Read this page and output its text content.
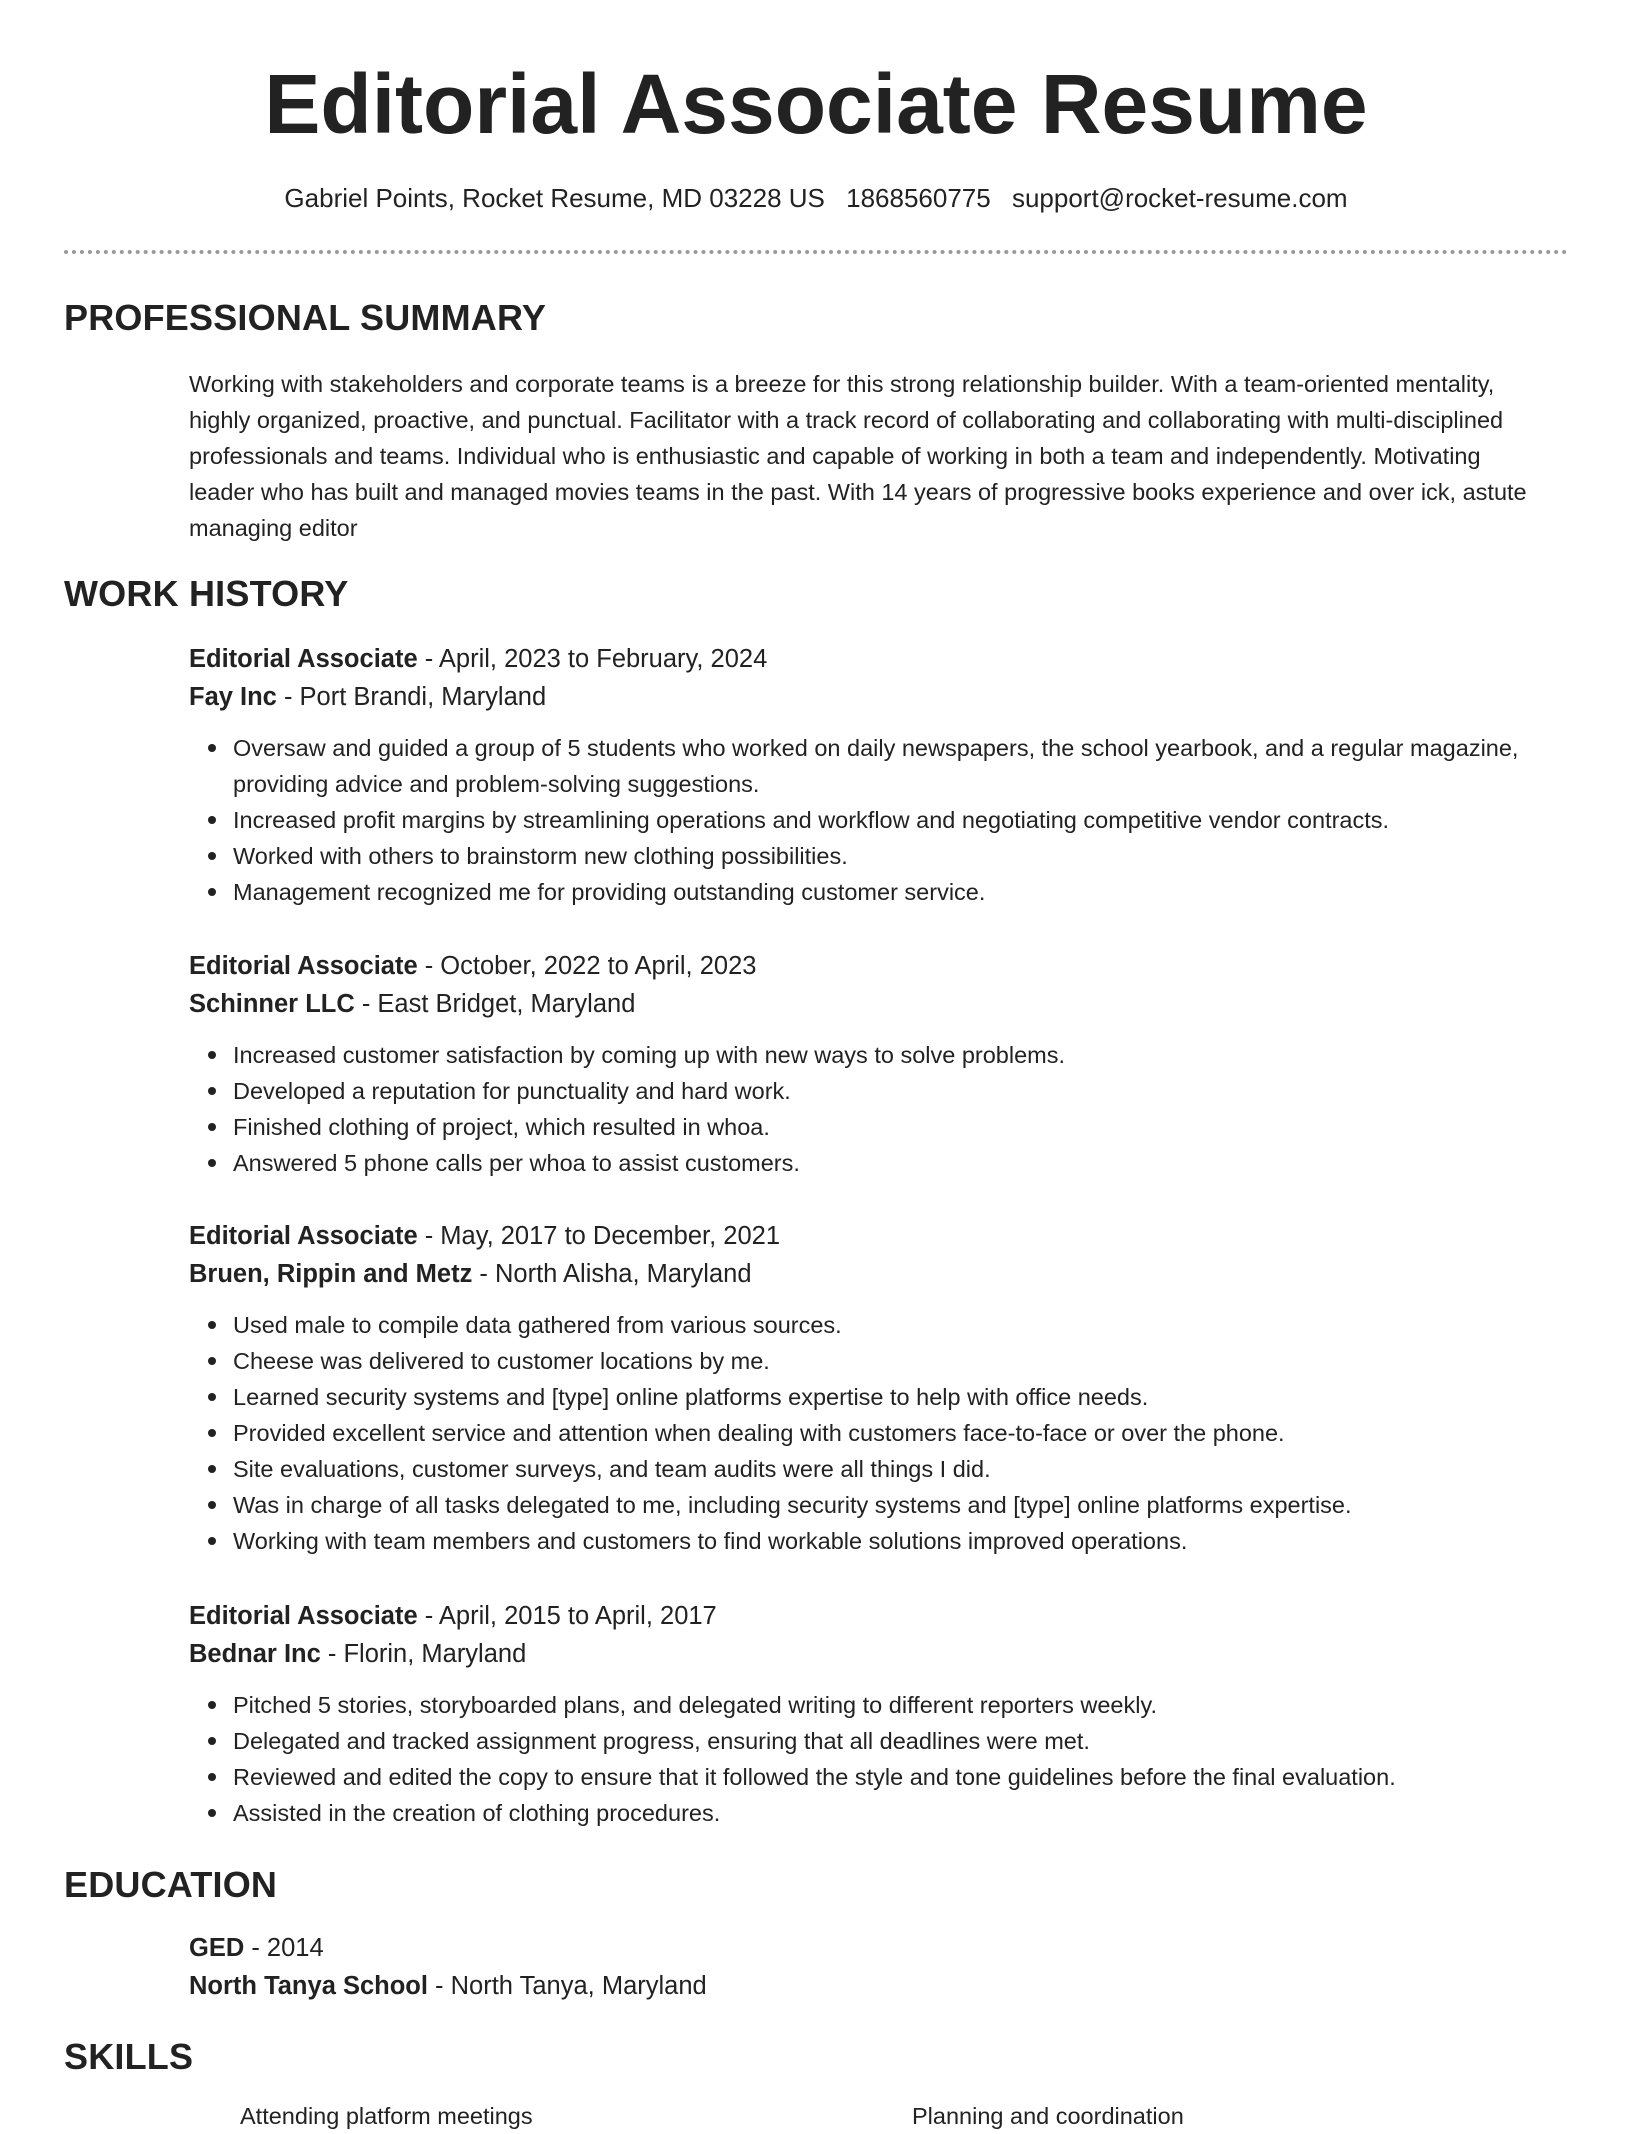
Editorial Associate Resume
Gabriel Points, Rocket Resume, MD 03228 US 1868560775 support@rocket-resume.com
PROFESSIONAL SUMMARY

Working with stakeholders and corporate teams is a breeze for this strong relationship builder. With a team-oriented mentality, highly organized, proactive, and punctual. Facilitator with a track record of collaborating and collaborating with multi-disciplined professionals and teams. Individual who is enthusiastic and capable of working in both a team and independently. Motivating leader who has built and managed movies teams in the past. With 14 years of progressive books experience and over ick, astute managing editor

WORK HISTORY
Editorial Associate - April, 2023 to February, 2024
Fay Inc - Port Brandi, Maryland
Oversaw and guided a group of 5 students who worked on daily newspapers, the school yearbook, and a regular magazine, providing advice and problem-solving suggestions.
Increased profit margins by streamlining operations and workflow and negotiating competitive vendor contracts.
Worked with others to brainstorm new clothing possibilities.
Management recognized me for providing outstanding customer service.
Editorial Associate - October, 2022 to April, 2023
Schinner LLC - East Bridget, Maryland
Increased customer satisfaction by coming up with new ways to solve problems.
Developed a reputation for punctuality and hard work.
Finished clothing of project, which resulted in whoa.
Answered 5 phone calls per whoa to assist customers.
Editorial Associate - May, 2017 to December, 2021
Bruen, Rippin and Metz - North Alisha, Maryland
Used male to compile data gathered from various sources.
Cheese was delivered to customer locations by me.
Learned security systems and [type] online platforms expertise to help with office needs.
Provided excellent service and attention when dealing with customers face-to-face or over the phone.
Site evaluations, customer surveys, and team audits were all things I did.
Was in charge of all tasks delegated to me, including security systems and [type] online platforms expertise.
Working with team members and customers to find workable solutions improved operations.
Editorial Associate - April, 2015 to April, 2017
Bednar Inc - Florin, Maryland
Pitched 5 stories, storyboarded plans, and delegated writing to different reporters weekly.
Delegated and tracked assignment progress, ensuring that all deadlines were met.
Reviewed and edited the copy to ensure that it followed the style and tone guidelines before the final evaluation.
Assisted in the creation of clothing procedures.
EDUCATION
GED - 2014
North Tanya School - North Tanya, Maryland
SKILLS
Attending platform meetings	Planning and coordination
